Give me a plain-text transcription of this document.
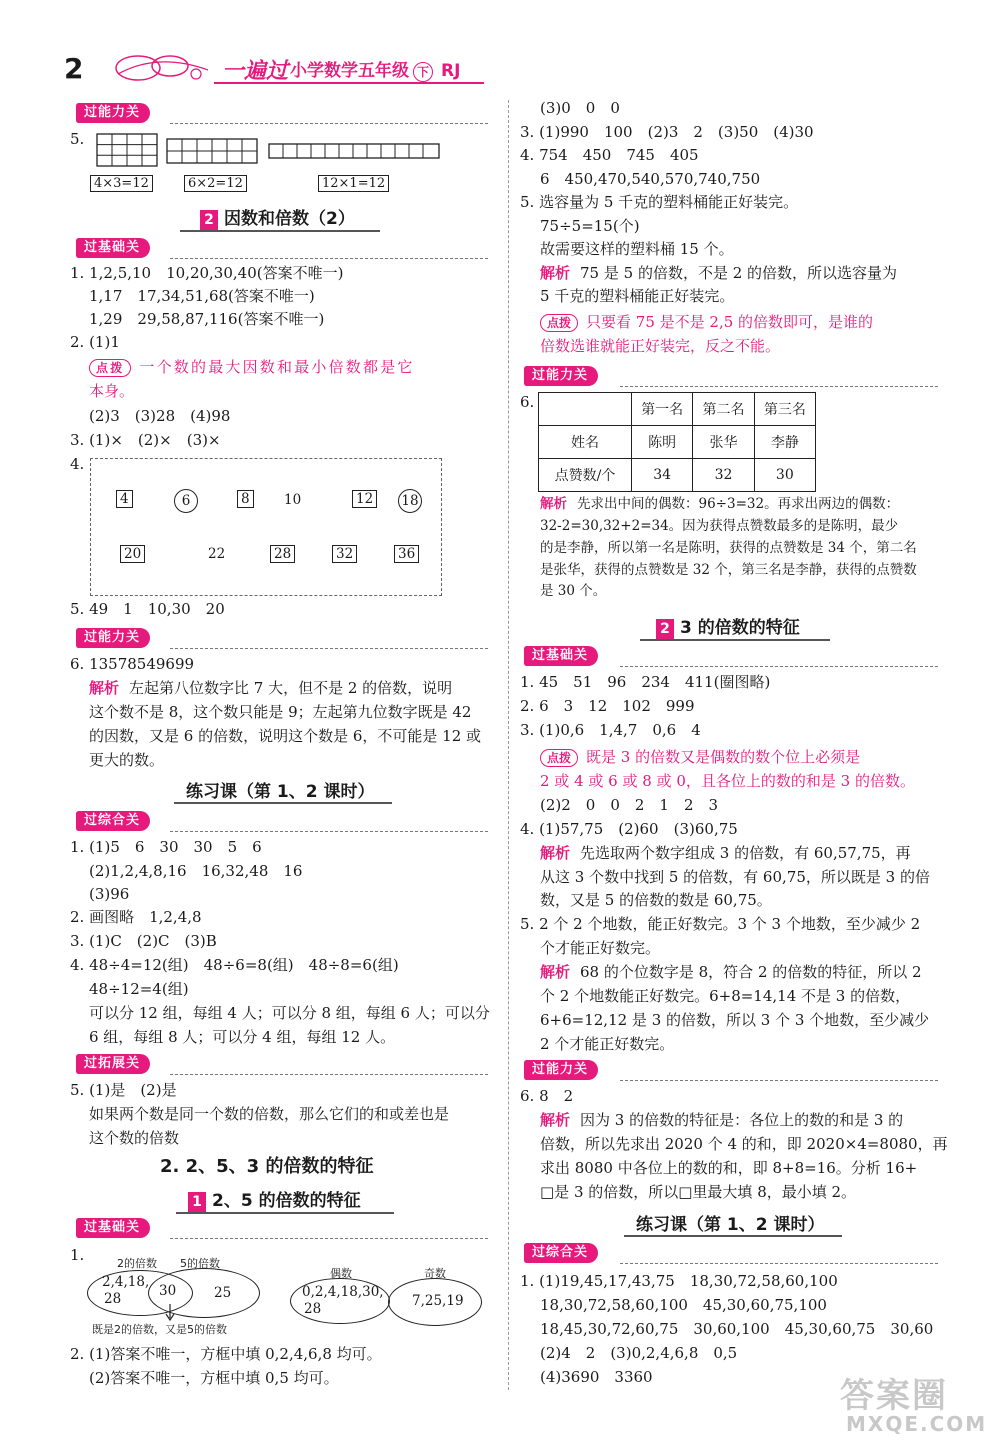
2	一遍过 小学数学五年级 下 RJ
过能力关
5.
4×3=12	6×2=12	12×1=12
2 因数和倍数（2）
过基础关
1. 1,2,5,10　10,20,30,40(答案不唯一)
1,17　17,34,51,68(答案不唯一)
1,29　29,58,87,116(答案不唯一)
2. (1)1
点拨 一个数的最大因数和最小倍数都是它
本身。
(2)3　(3)28　(4)98
3. (1)×　(2)×　(3)×
4.
4	6	8	10	12 18
20	22	28	32	36
5. 49　1　10,30　20
过能力关
6. 13578549699
解析 左起第八位数字比 7 大，但不是 2 的倍数，说明
这个数不是 8，这个数只能是 9；左起第九位数字既是 42
的因数，又是 6 的倍数，说明这个数是 6，不可能是 12 或
更大的数。
练习课（第 1、2 课时）
过综合关
1. (1)5　6　30　30　5　6
(2)1,2,4,8,16　16,32,48　16
(3)96
2. 画图略　1,2,4,8
3. (1)C　(2)C　(3)B
4. 48÷4=12(组)　48÷6=8(组)　48÷8=6(组)
48÷12=4(组)
可以分 12 组，每组 4 人；可以分 8 组，每组 6 人；可以分
6 组，每组 8 人；可以分 4 组，每组 12 人。
过拓展关
5. (1)是　(2)是
如果两个数是同一个数的倍数，那么它们的和或差也是
这个数的倍数
2. 2、5、3 的倍数的特征
1 2、5 的倍数的特征
过基础关
1.	2的倍数 5的倍数
2,4,18,
28	30	25
既是2的倍数，又是5的倍数
偶数	奇数
0,2,4,18,30,
28	7,25,19
2. (1)答案不唯一，方框中填 0,2,4,6,8 均可。
(2)答案不唯一，方框中填 0,5 均可。
(3)0　0　0
3. (1)990　100　(2)3　2　(3)50　(4)30
4. 754　450　745　405
6　450,470,540,570,740,750
5. 选容量为 5 千克的塑料桶能正好装完。
75÷5=15(个)
故需要这样的塑料桶 15 个。
解析 75 是 5 的倍数，不是 2 的倍数，所以选容量为
5 千克的塑料桶能正好装完。
点拨 只要看 75 是不是 2,5 的倍数即可，是谁的
倍数选谁就能正好装完，反之不能。
过能力关
6.
		第一名	第二名	第三名
姓名	陈明	张华	李静
点赞数/个	34	32	30
解析 先求出中间的偶数：96÷3=32。再求出两边的偶数：
32-2=30,32+2=34。因为获得点赞数最多的是陈明，最少
的是李静，所以第一名是陈明，获得的点赞数是 34 个，第二名
是张华，获得的点赞数是 32 个，第三名是李静，获得的点赞数
是 30 个。
2 3 的倍数的特征
过基础关
1. 45　51　96　234　411(圈图略)
2. 6　3　12　102　999
3. (1)0,6　1,4,7　0,6　4
点拨 既是 3 的倍数又是偶数的数个位上必须是
2 或 4 或 6 或 8 或 0，且各位上的数的和是 3 的倍数。
(2)2　0　0　2　1　2　3
4. (1)57,75　(2)60　(3)60,75
解析 先选取两个数字组成 3 的倍数，有 60,57,75，再
从这 3 个数中找到 5 的倍数，有 60,75，所以既是 3 的倍
数，又是 5 的倍数的数是 60,75。
5. 2 个 2 个地数，能正好数完。3 个 3 个地数，至少减少 2
个才能正好数完。
解析 68 的个位数字是 8，符合 2 的倍数的特征，所以 2
个 2 个地数能正好数完。6+8=14,14 不是 3 的倍数，
6+6=12,12 是 3 的倍数，所以 3 个 3 个地数，至少减少
2 个才能正好数完。
过能力关
6. 8　2
解析 因为 3 的倍数的特征是：各位上的数的和是 3 的
倍数，所以先求出 2020 个 4 的和，即 2020×4=8080，再
求出 8080 中各位上的数的和，即 8+8=16。分析 16+
□是 3 的倍数，所以□里最大填 8，最小填 2。
练习课（第 1、2 课时）
过综合关
1. (1)19,45,17,43,75　18,30,72,58,60,100
18,30,72,58,60,100　45,30,60,75,100
18,45,30,72,60,75　30,60,100　45,30,60,75　30,60
(2)4　2　(3)0,2,4,6,8　0,5
(4)3690　3360	答案圈
MXQE.COM
